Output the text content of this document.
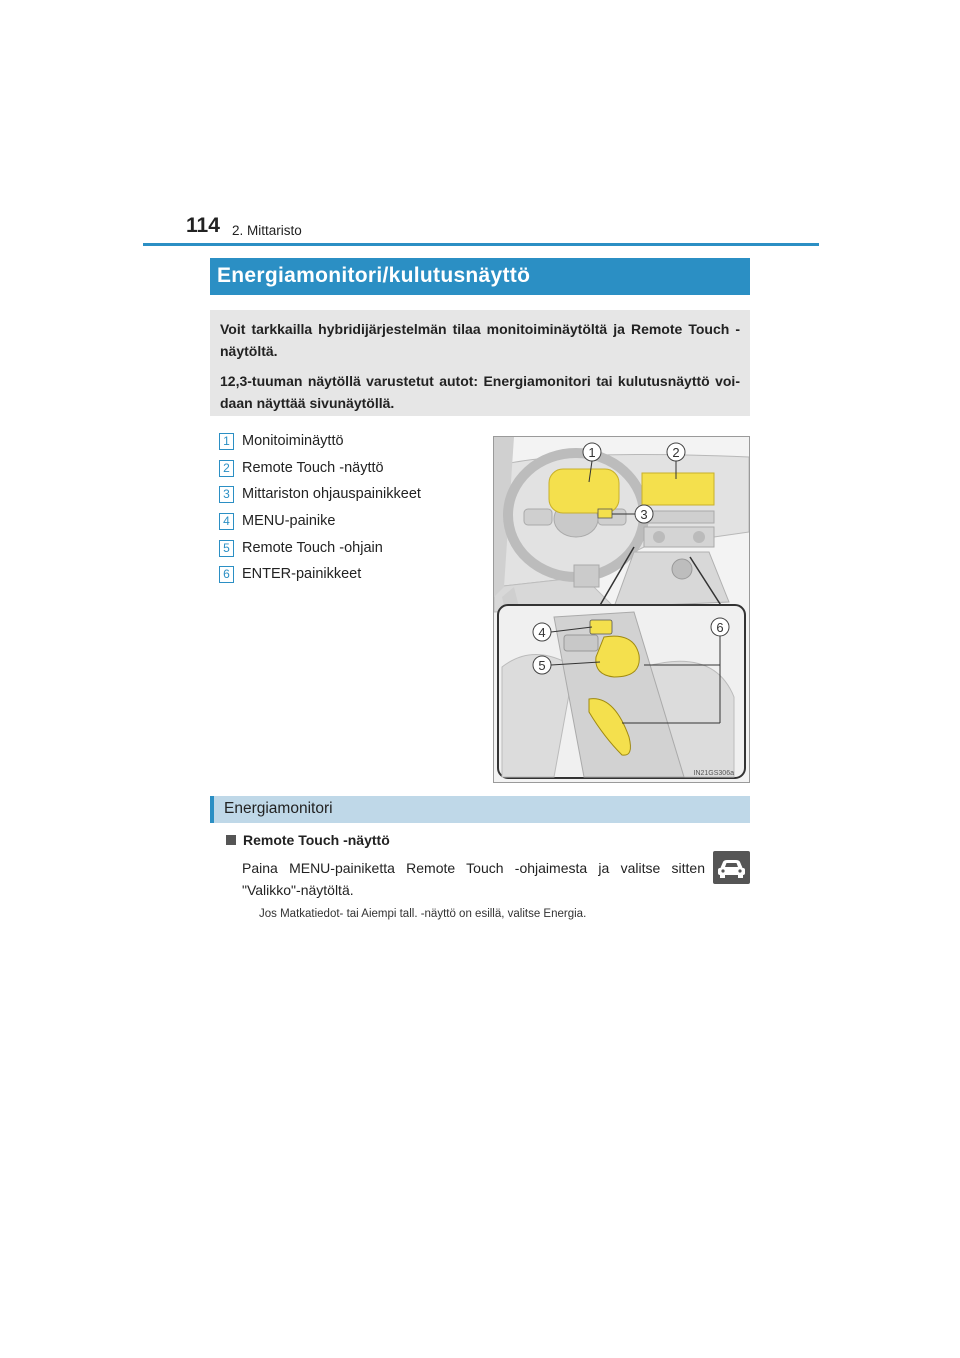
114 2. Mittaristo
Energiamonitori/kulutusnäyttö

Voit tarkkailla hybridijärjestelmän tilaa monitoiminäytöltä ja Remote Touch -näytöltä.

12,3-tuuman näytöllä varustetut autot: Energiamonitori tai kulutusnäyttö voi-daan näyttää sivunäytöllä.

1 Monitoiminäyttö
2 Remote Touch -näyttö
3 Mittariston ohjauspainikkeet
4 MENU-painike
5 Remote Touch -ohjain
6 ENTER-painikkeet
1	2
3
4
5
6
IN21GS306a
Energiamonitori
Remote Touch -näyttö
Paina MENU-painiketta Remote Touch -ohjaimesta ja valitse sitten "Valikko"-näytöltä.
Jos Matkatiedot- tai Aiempi tall. -näyttö on esillä, valitse Energia.
